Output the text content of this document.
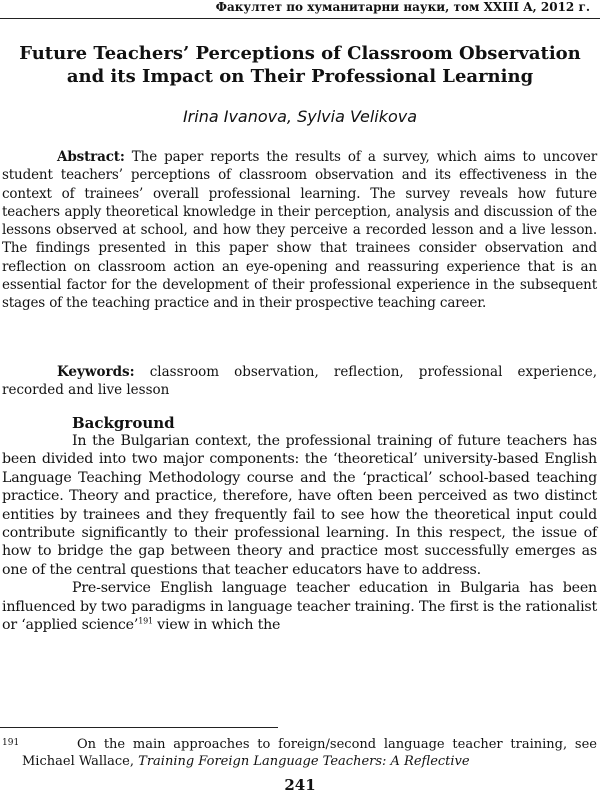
Факултет по хуманитарни науки, том XXIII A, 2012 г.
Future Teachers’ Perceptions of Classroom Observation
and its Impact on Their Professional Learning
Irina Ivanova, Sylvia Velikova
Abstract: The paper reports the results of a survey, which aims to uncover student teachers’ perceptions of classroom observation and its effectiveness in the context of trainees’ overall professional learning. The survey reveals how future teachers apply theoretical knowledge in their perception, analysis and discussion of the lessons observed at school, and how they perceive a recorded lesson and a live lesson. The findings presented in this paper show that trainees consider observation and reflection on classroom action an eye-opening and reassuring experience that is an essential factor for the development of their professional experience in the subsequent stages of the teaching practice and in their prospective teaching career.
Keywords: classroom observation, reflection, professional experience, recorded and live lesson
Background

In the Bulgarian context, the professional training of future teachers has been divided into two major components: the ‘theoretical’ university-based English Language Teaching Methodology course and the ‘practical’ school-based teaching practice. Theory and practice, therefore, have often been perceived as two distinct entities by trainees and they frequently fail to see how the theoretical input could contribute significantly to their professional learning. In this respect, the issue of how to bridge the gap between theory and practice most successfully emerges as one of the central questions that teacher educators have to address.

Pre-service English language teacher education in Bulgaria has been influenced by two paradigms in language teacher training. The first is the rationalist or ‘applied science’$^{191}$ view in which the

191	On the main approaches to foreign/second language teacher training, see Michael Wallace, Training Foreign Language Teachers: A Reflective
241
